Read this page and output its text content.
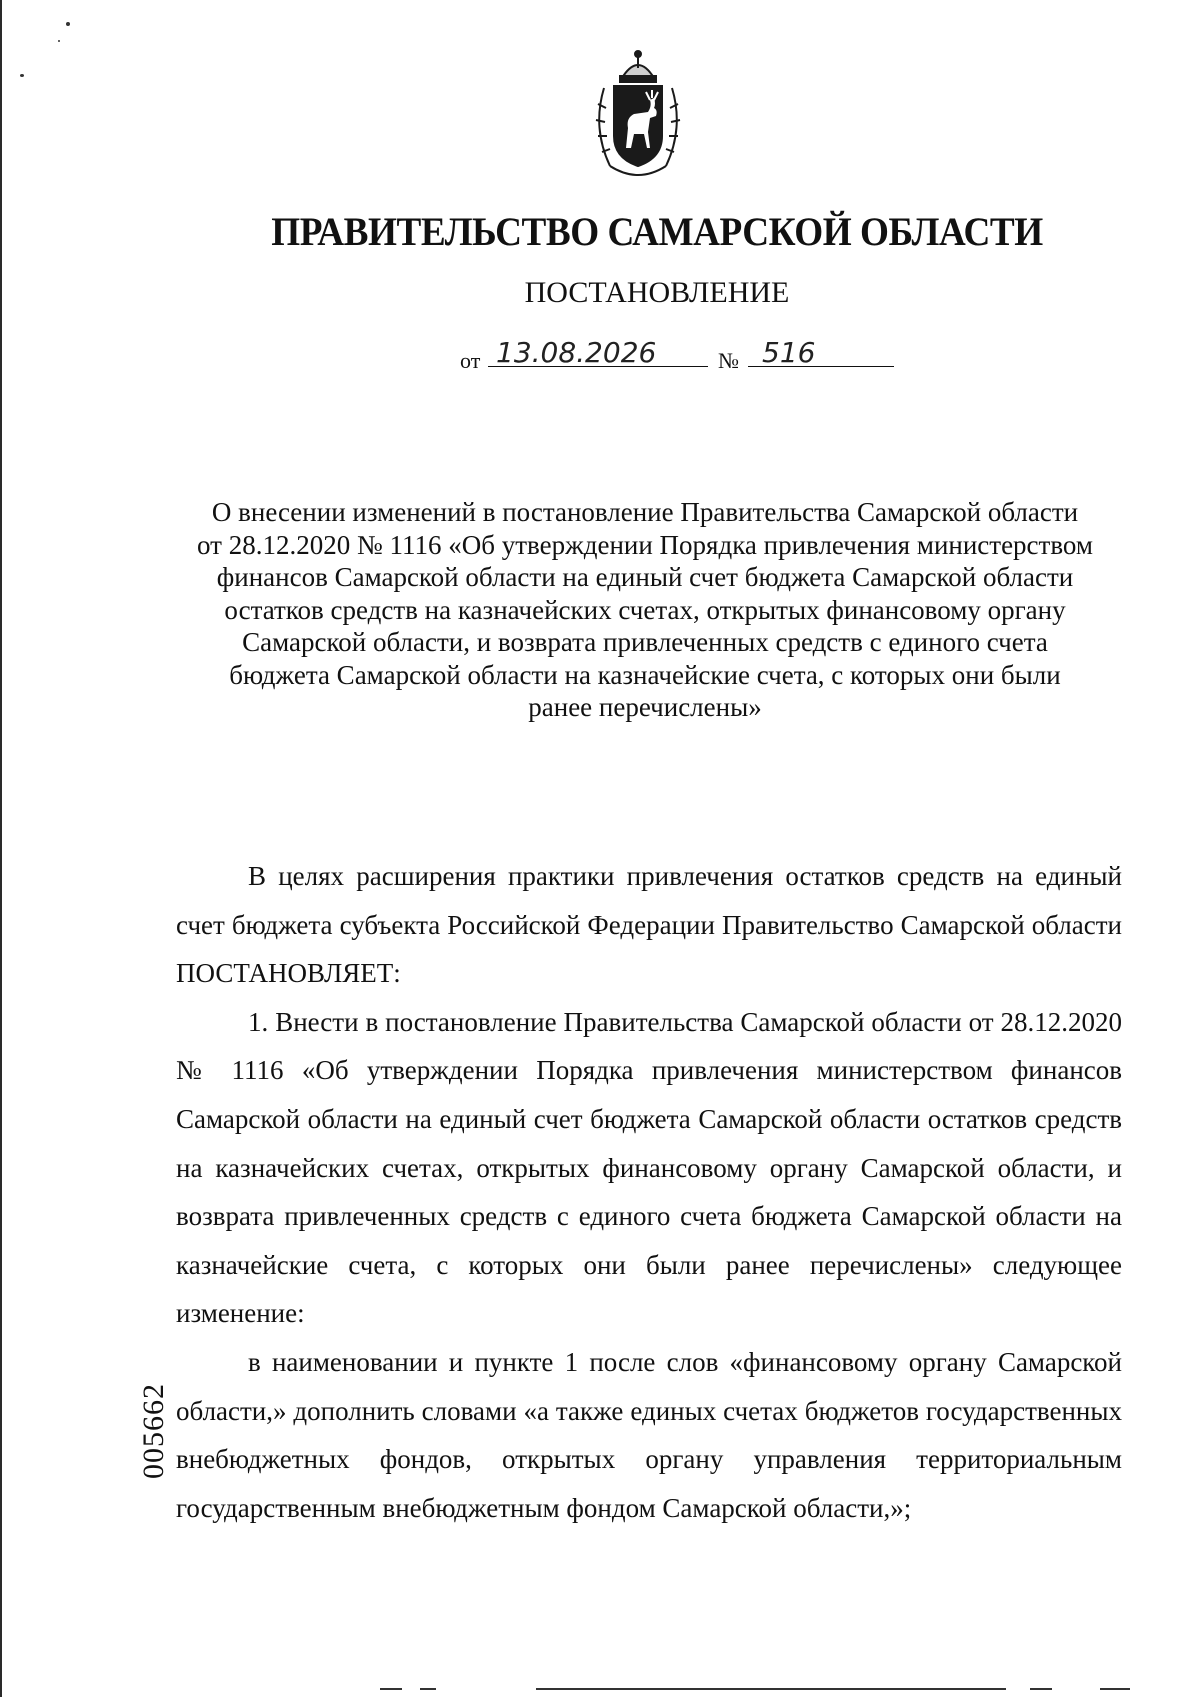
ПРАВИТЕЛЬСТВО САМАРСКОЙ ОБЛАСТИ
ПОСТАНОВЛЕНИЕ
от 13.08.2026	№ 516
О внесении изменений в постановление Правительства Самарской области
от 28.12.2020 № 1116 «Об утверждении Порядка привлечения министерством
финансов Самарской области на единый счет бюджета Самарской области
остатков средств на казначейских счетах, открытых финансовому органу
Самарской области, и возврата привлеченных средств с единого счета
бюджета Самарской области на казначейские счета, с которых они были
ранее перечислены»

В целях расширения практики привлечения остатков средств на единый счет бюджета субъекта Российской Федерации Правительство Самарской области ПОСТАНОВЛЯЕТ:

1. Внести в постановление Правительства Самарской области от 28.12.2020 № 1116 «Об утверждении Порядка привлечения министерством финансов Самарской области на единый счет бюджета Самарской области остатков средств на казначейских счетах, открытых финансовому органу Самарской области, и возврата привлеченных средств с единого счета бюджета Самарской области на казначейские счета, с которых они были ранее перечислены» следующее изменение:

в наименовании и пункте 1 после слов «финансовому органу Самарской области,» дополнить словами «а также единых счетах бюджетов государственных внебюджетных фондов, открытых органу управления территориальным государственным внебюджетным фондом Самарской области,»;

005662
